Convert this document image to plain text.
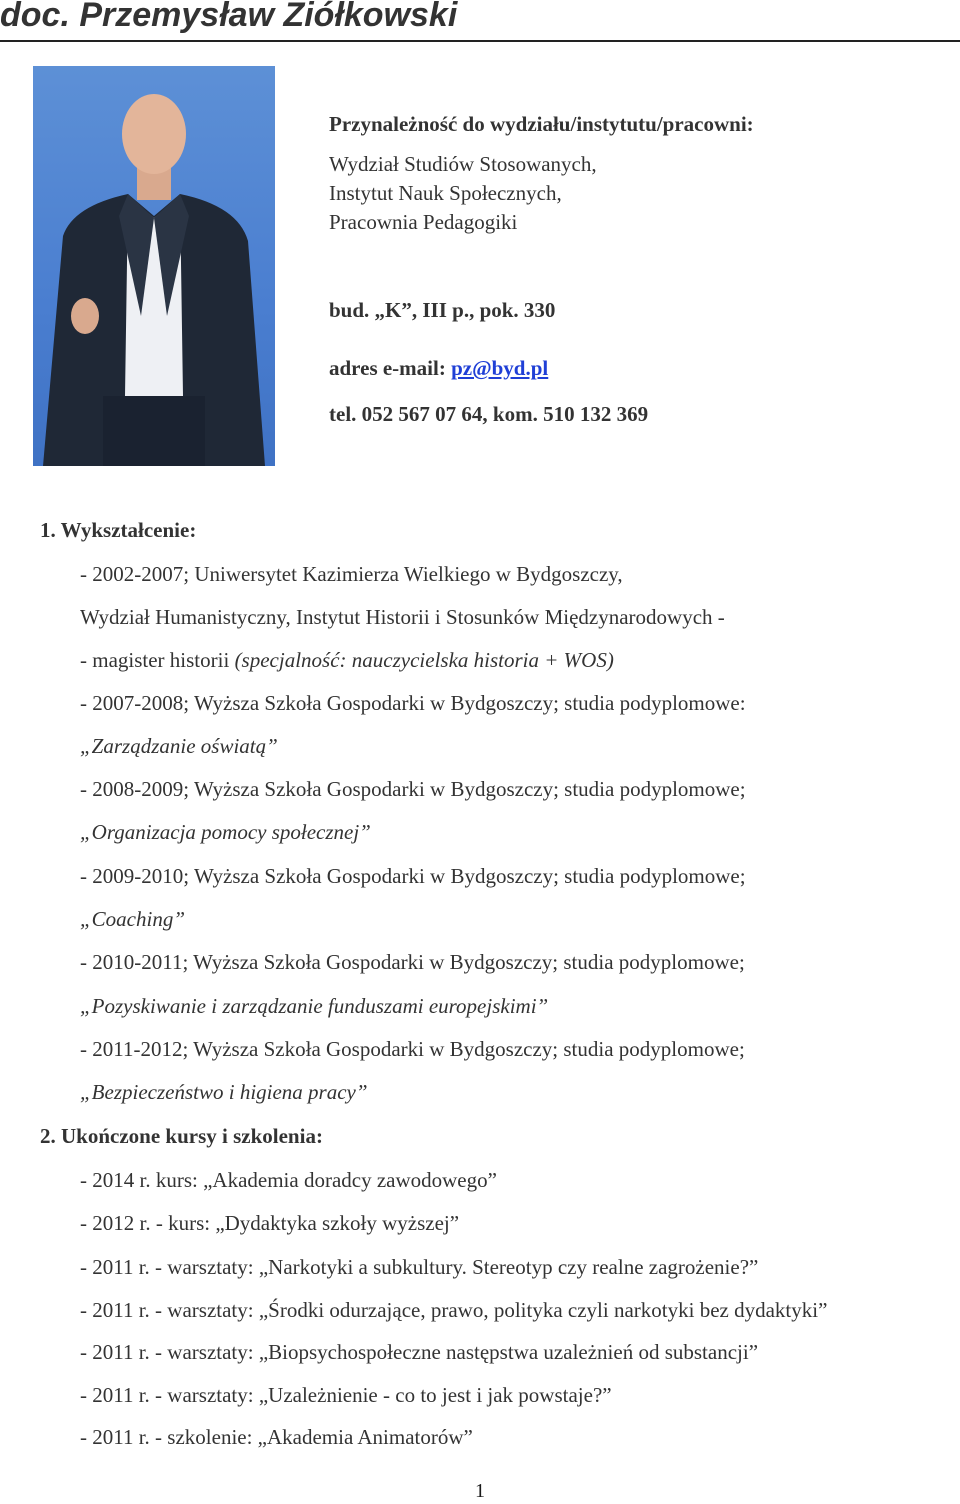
doc. Przemysław Ziółkowski
Przynależność do wydziału/instytutu/pracowni:
Wydział Studiów Stosowanych,
Instytut Nauk Społecznych,
Pracownia Pedagogiki
bud. „K”, III p., pok. 330
adres e-mail: pz@byd.pl
tel. 052 567 07 64, kom. 510 132 369
1. Wykształcenie:
- 2002-2007; Uniwersytet Kazimierza Wielkiego w Bydgoszczy,
Wydział Humanistyczny, Instytut Historii i Stosunków Międzynarodowych -
- magister historii (specjalność: nauczycielska historia + WOS)
- 2007-2008; Wyższa Szkoła Gospodarki w Bydgoszczy; studia podyplomowe:
„Zarządzanie oświatą”
- 2008-2009; Wyższa Szkoła Gospodarki w Bydgoszczy; studia podyplomowe;
„Organizacja pomocy społecznej”
- 2009-2010; Wyższa Szkoła Gospodarki w Bydgoszczy; studia podyplomowe;
„Coaching”
- 2010-2011; Wyższa Szkoła Gospodarki w Bydgoszczy; studia podyplomowe;
„Pozyskiwanie i zarządzanie funduszami europejskimi”
- 2011-2012; Wyższa Szkoła Gospodarki w Bydgoszczy; studia podyplomowe;
„Bezpieczeństwo i higiena pracy”
2. Ukończone kursy i szkolenia:
- 2014 r. kurs: „Akademia doradcy zawodowego”
- 2012 r. - kurs: „Dydaktyka szkoły wyższej”
- 2011 r. - warsztaty: „Narkotyki a subkultury. Stereotyp czy realne zagrożenie?”
- 2011 r. - warsztaty: „Środki odurzające, prawo, polityka czyli narkotyki bez dydaktyki”
- 2011 r. - warsztaty: „Biopsychospołeczne następstwa uzależnień od substancji”
- 2011 r. - warsztaty: „Uzależnienie - co to jest i jak powstaje?”
- 2011 r. - szkolenie: „Akademia Animatorów”
1
